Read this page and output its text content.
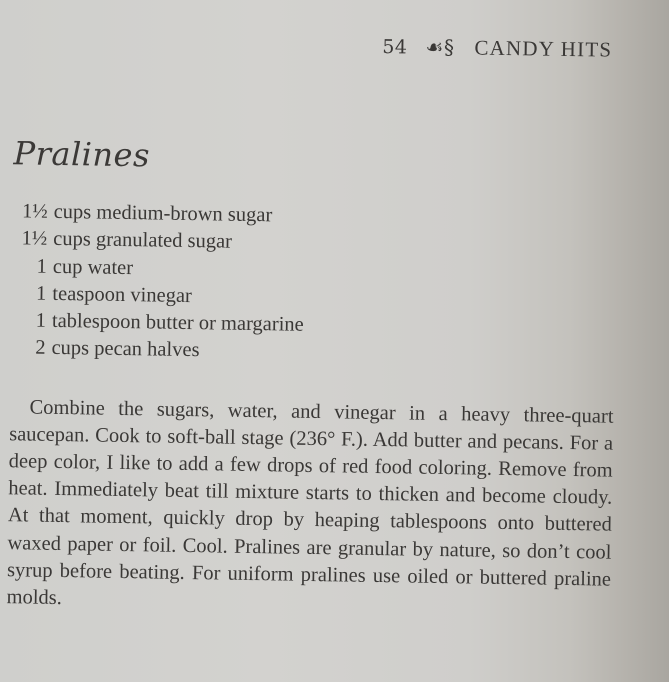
54 ☙§ CANDY HITS
Pralines
1½ cups medium-brown sugar
1½ cups granulated sugar
1 cup water
1 teaspoon vinegar
1 tablespoon butter or margarine
2 cups pecan halves

Combine the sugars, water, and vinegar in a heavy three-quart saucepan. Cook to soft-ball stage (236° F.). Add butter and pecans. For a deep color, I like to add a few drops of red food coloring. Remove from heat. Immediately beat till mixture starts to thicken and become cloudy. At that moment, quickly drop by heaping tablespoons onto buttered waxed paper or foil. Cool. Pralines are granular by nature, so don’t cool syrup before beating. For uniform pralines use oiled or buttered praline molds.
